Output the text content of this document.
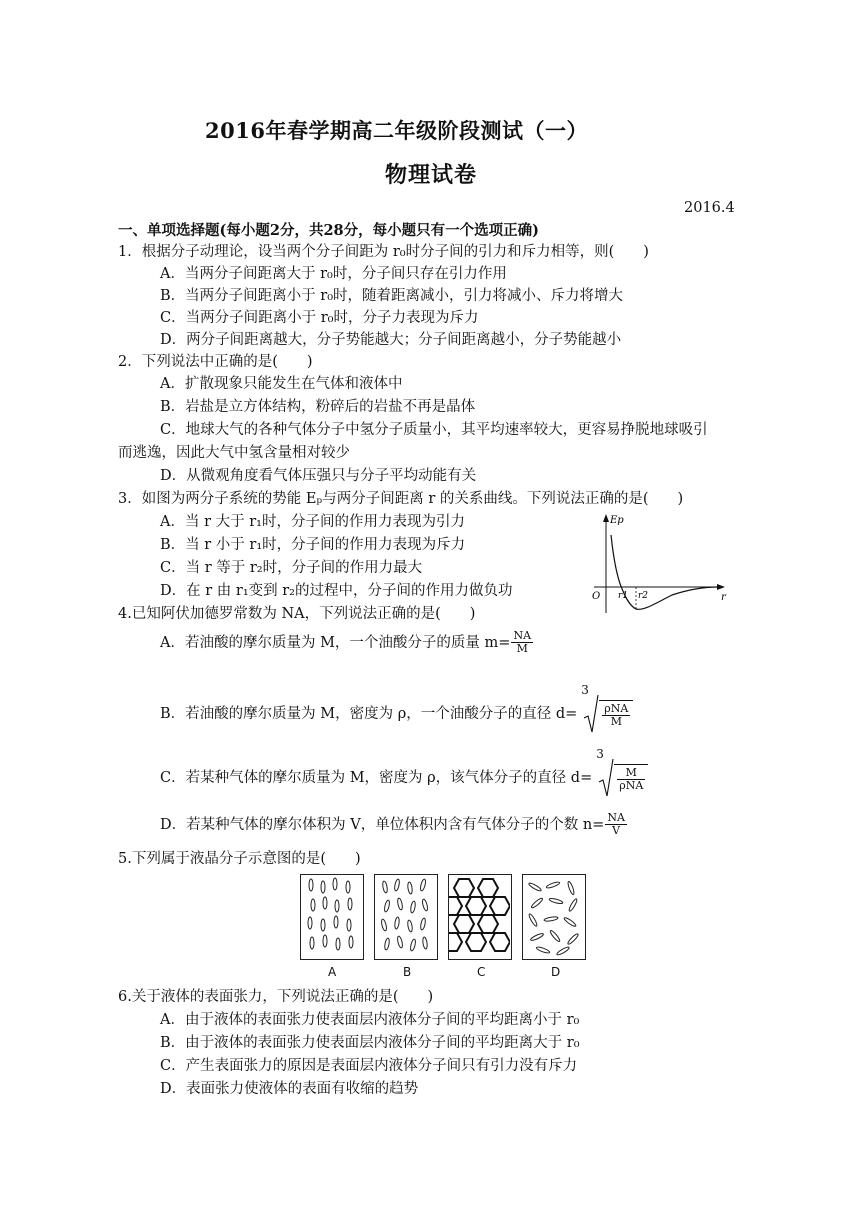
2016年春学期高二年级阶段测试（一）
物理试卷
2016.4
一、单项选择题(每小题2分，共28分，每小题只有一个选项正确)
1．根据分子动理论，设当两个分子间距为 r₀时分子间的引力和斥力相等，则(　　)
A．当两分子间距离大于 r₀时，分子间只存在引力作用
B．当两分子间距离小于 r₀时，随着距离减小，引力将减小、斥力将增大
C．当两分子间距离小于 r₀时，分子力表现为斥力
D．两分子间距离越大，分子势能越大；分子间距离越小，分子势能越小
2．下列说法中正确的是(　　)
A．扩散现象只能发生在气体和液体中
B．岩盐是立方体结构，粉碎后的岩盐不再是晶体
C．地球大气的各种气体分子中氢分子质量小，其平均速率较大，更容易挣脱地球吸引
而逃逸，因此大气中氢含量相对较少
D．从微观角度看气体压强只与分子平均动能有关
3．如图为两分子系统的势能 Eₚ与两分子间距离 r 的关系曲线。下列说法正确的是(　　)
A．当 r 大于 r₁时，分子间的作用力表现为引力
B．当 r 小于 r₁时，分子间的作用力表现为斥力
C．当 r 等于 r₂时，分子间的作用力最大
D．在 r 由 r₁变到 r₂的过程中，分子间的作用力做负功
Ep
O	r
r1 r2
4.已知阿伏加德罗常数为 NA，下列说法正确的是(　　)
A．若油酸的摩尔质量为 M，一个油酸分子的质量 $m= \frac{NA}{M}$
B．若油酸的摩尔质量为 M，密度为 ρ，一个油酸分子的直径 d=
3
$\frac{\text{ρNA}}{M}$
C．若某种气体的摩尔质量为 M，密度为 ρ，该气体分子的直径 d=
3
$\frac{M}{\text{ρNA}}$
D．若某种气体的摩尔体积为 V，单位体积内含有气体分子的个数 $n= \frac{NA}{V}$
5.下列属于液晶分子示意图的是(　　)
A	B	C	D
6.关于液体的表面张力，下列说法正确的是(　　)
A．由于液体的表面张力使表面层内液体分子间的平均距离小于 r₀
B．由于液体的表面张力使表面层内液体分子间的平均距离大于 r₀
C．产生表面张力的原因是表面层内液体分子间只有引力没有斥力
D．表面张力使液体的表面有收缩的趋势
